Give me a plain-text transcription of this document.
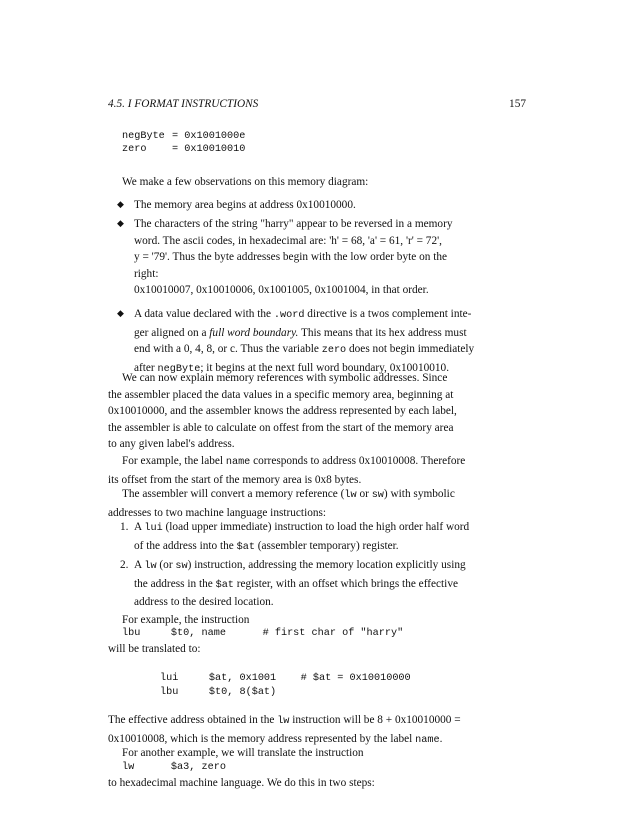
4.5. I FORMAT INSTRUCTIONS	157
negByte = 0x1001000e
zero	= 0x10010010
We make a few observations on this memory diagram:
◆ The memory area begins at address 0x10010000.
◆ The characters of the string "harry" appear to be reversed in a memory
word. The ascii codes, in hexadecimal are: 'h' = 68, 'a' = 61, 'r' = 72',
y = '79'. Thus the byte addresses begin with the low order byte on the
right:
0x10010007, 0x10010006, 0x1001005, 0x1001004, in that order.
◆ A data value declared with the .word directive is a twos complement inte-
ger aligned on a full word boundary. This means that its hex address must
end with a 0, 4, 8, or c. Thus the variable zero does not begin immediately
after negByte; it begins at the next full word boundary, 0x10010010.
We can now explain memory references with symbolic addresses. Since
the assembler placed the data values in a specific memory area, beginning at
0x10010000, and the assembler knows the address represented by each label,
the assembler is able to calculate on offest from the start of the memory area
to any given label's address.
For example, the label name corresponds to address 0x10010008. Therefore
its offset from the start of the memory area is 0x8 bytes.
The assembler will convert a memory reference (lw or sw) with symbolic
addresses to two machine language instructions:
1. A lui (load upper immediate) instruction to load the high order half word
of the address into the $at (assembler temporary) register.
2. A lw (or sw) instruction, addressing the memory location explicitly using
the address in the $at register, with an offset which brings the effective
address to the desired location.
For example, the instruction
lbu     $t0, name      # first char of "harry"
will be translated to:
lui     $at, 0x1001    # $at = 0x10010000
lbu     $t0, 8($at)
The effective address obtained in the lw instruction will be 8 + 0x10010000 =
0x10010008, which is the memory address represented by the label name.
For another example, we will translate the instruction
lw      $a3, zero
to hexadecimal machine language. We do this in two steps:
